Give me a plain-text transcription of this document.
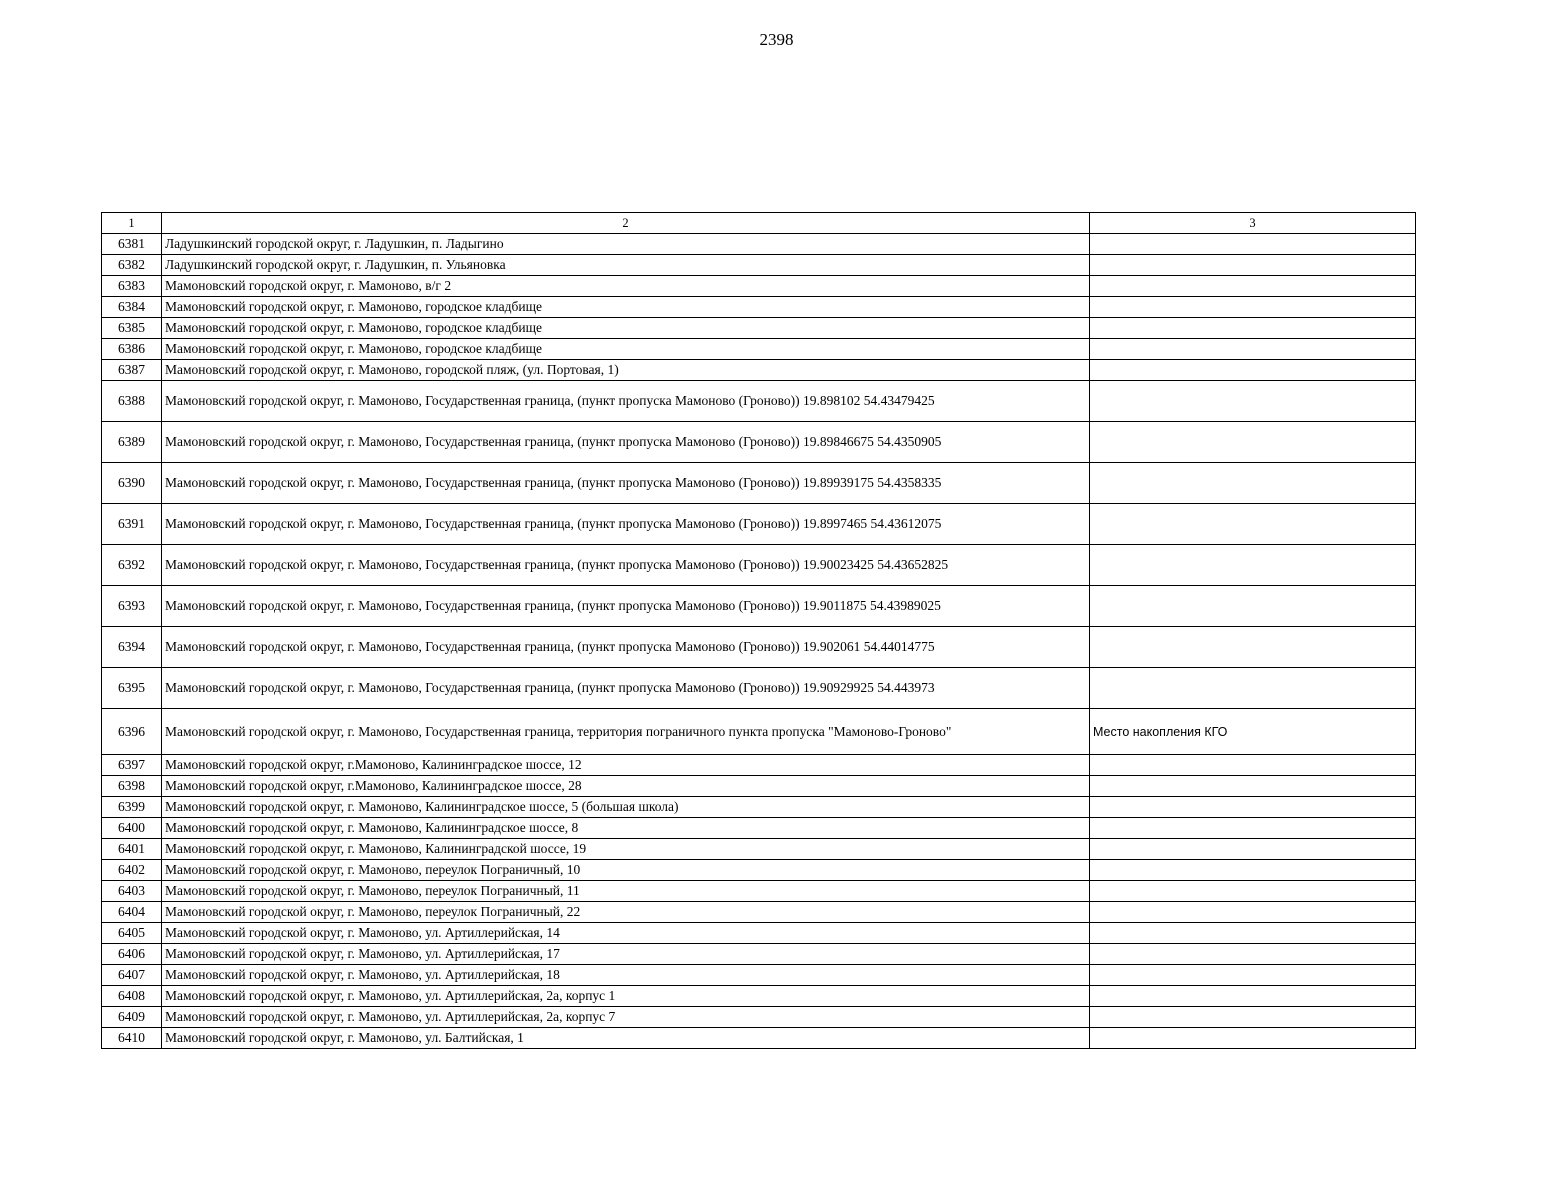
2398
1	2	3
6381	Ладушкинский городской округ, г. Ладушкин, п. Ладыгино	
6382	Ладушкинский городской округ, г. Ладушкин, п. Ульяновка	
6383	Мамоновский городской округ, г. Мамоново, в/г 2	
6384	Мамоновский городской округ, г. Мамоново, городское кладбище	
6385	Мамоновский городской округ, г. Мамоново, городское кладбище	
6386	Мамоновский городской округ, г. Мамоново, городское кладбище	
6387	Мамоновский городской округ, г. Мамоново, городской пляж, (ул. Портовая, 1)	
6388	Мамоновский городской округ, г. Мамоново, Государственная граница, (пункт пропуска Мамоново (Гроново)) 19.898102 54.43479425	
6389	Мамоновский городской округ, г. Мамоново, Государственная граница, (пункт пропуска Мамоново (Гроново)) 19.89846675 54.4350905	
6390	Мамоновский городской округ, г. Мамоново, Государственная граница, (пункт пропуска Мамоново (Гроново)) 19.89939175 54.4358335	
6391	Мамоновский городской округ, г. Мамоново, Государственная граница, (пункт пропуска Мамоново (Гроново)) 19.8997465 54.43612075	
6392	Мамоновский городской округ, г. Мамоново, Государственная граница, (пункт пропуска Мамоново (Гроново)) 19.90023425 54.43652825	
6393	Мамоновский городской округ, г. Мамоново, Государственная граница, (пункт пропуска Мамоново (Гроново)) 19.9011875 54.43989025	
6394	Мамоновский городской округ, г. Мамоново, Государственная граница, (пункт пропуска Мамоново (Гроново)) 19.902061 54.44014775	
6395	Мамоновский городской округ, г. Мамоново, Государственная граница, (пункт пропуска Мамоново (Гроново)) 19.90929925 54.443973	
6396	Мамоновский городской округ, г. Мамоново, Государственная граница, территория пограничного пункта пропуска "Мамоново-Гроново"	Место накопления КГО
6397	Мамоновский городской округ, г.Мамоново, Калининградское шоссе, 12	
6398	Мамоновский городской округ, г.Мамоново, Калининградское шоссе, 28	
6399	Мамоновский городской округ, г. Мамоново, Калининградское шоссе, 5 (большая школа)	
6400	Мамоновский городской округ, г. Мамоново, Калининградское шоссе, 8	
6401	Мамоновский городской округ, г. Мамоново, Калининградской шоссе, 19	
6402	Мамоновский городской округ, г. Мамоново, переулок Пограничный, 10	
6403	Мамоновский городской округ, г. Мамоново, переулок Пограничный, 11	
6404	Мамоновский городской округ, г. Мамоново, переулок Пограничный, 22	
6405	Мамоновский городской округ, г. Мамоново, ул. Артиллерийская, 14	
6406	Мамоновский городской округ, г. Мамоново, ул. Артиллерийская, 17	
6407	Мамоновский городской округ, г. Мамоново, ул. Артиллерийская, 18	
6408	Мамоновский городской округ, г. Мамоново, ул. Артиллерийская, 2а, корпус 1	
6409	Мамоновский городской округ, г. Мамоново, ул. Артиллерийская, 2а, корпус 7	
6410	Мамоновский городской округ, г. Мамоново, ул. Балтийская, 1	
